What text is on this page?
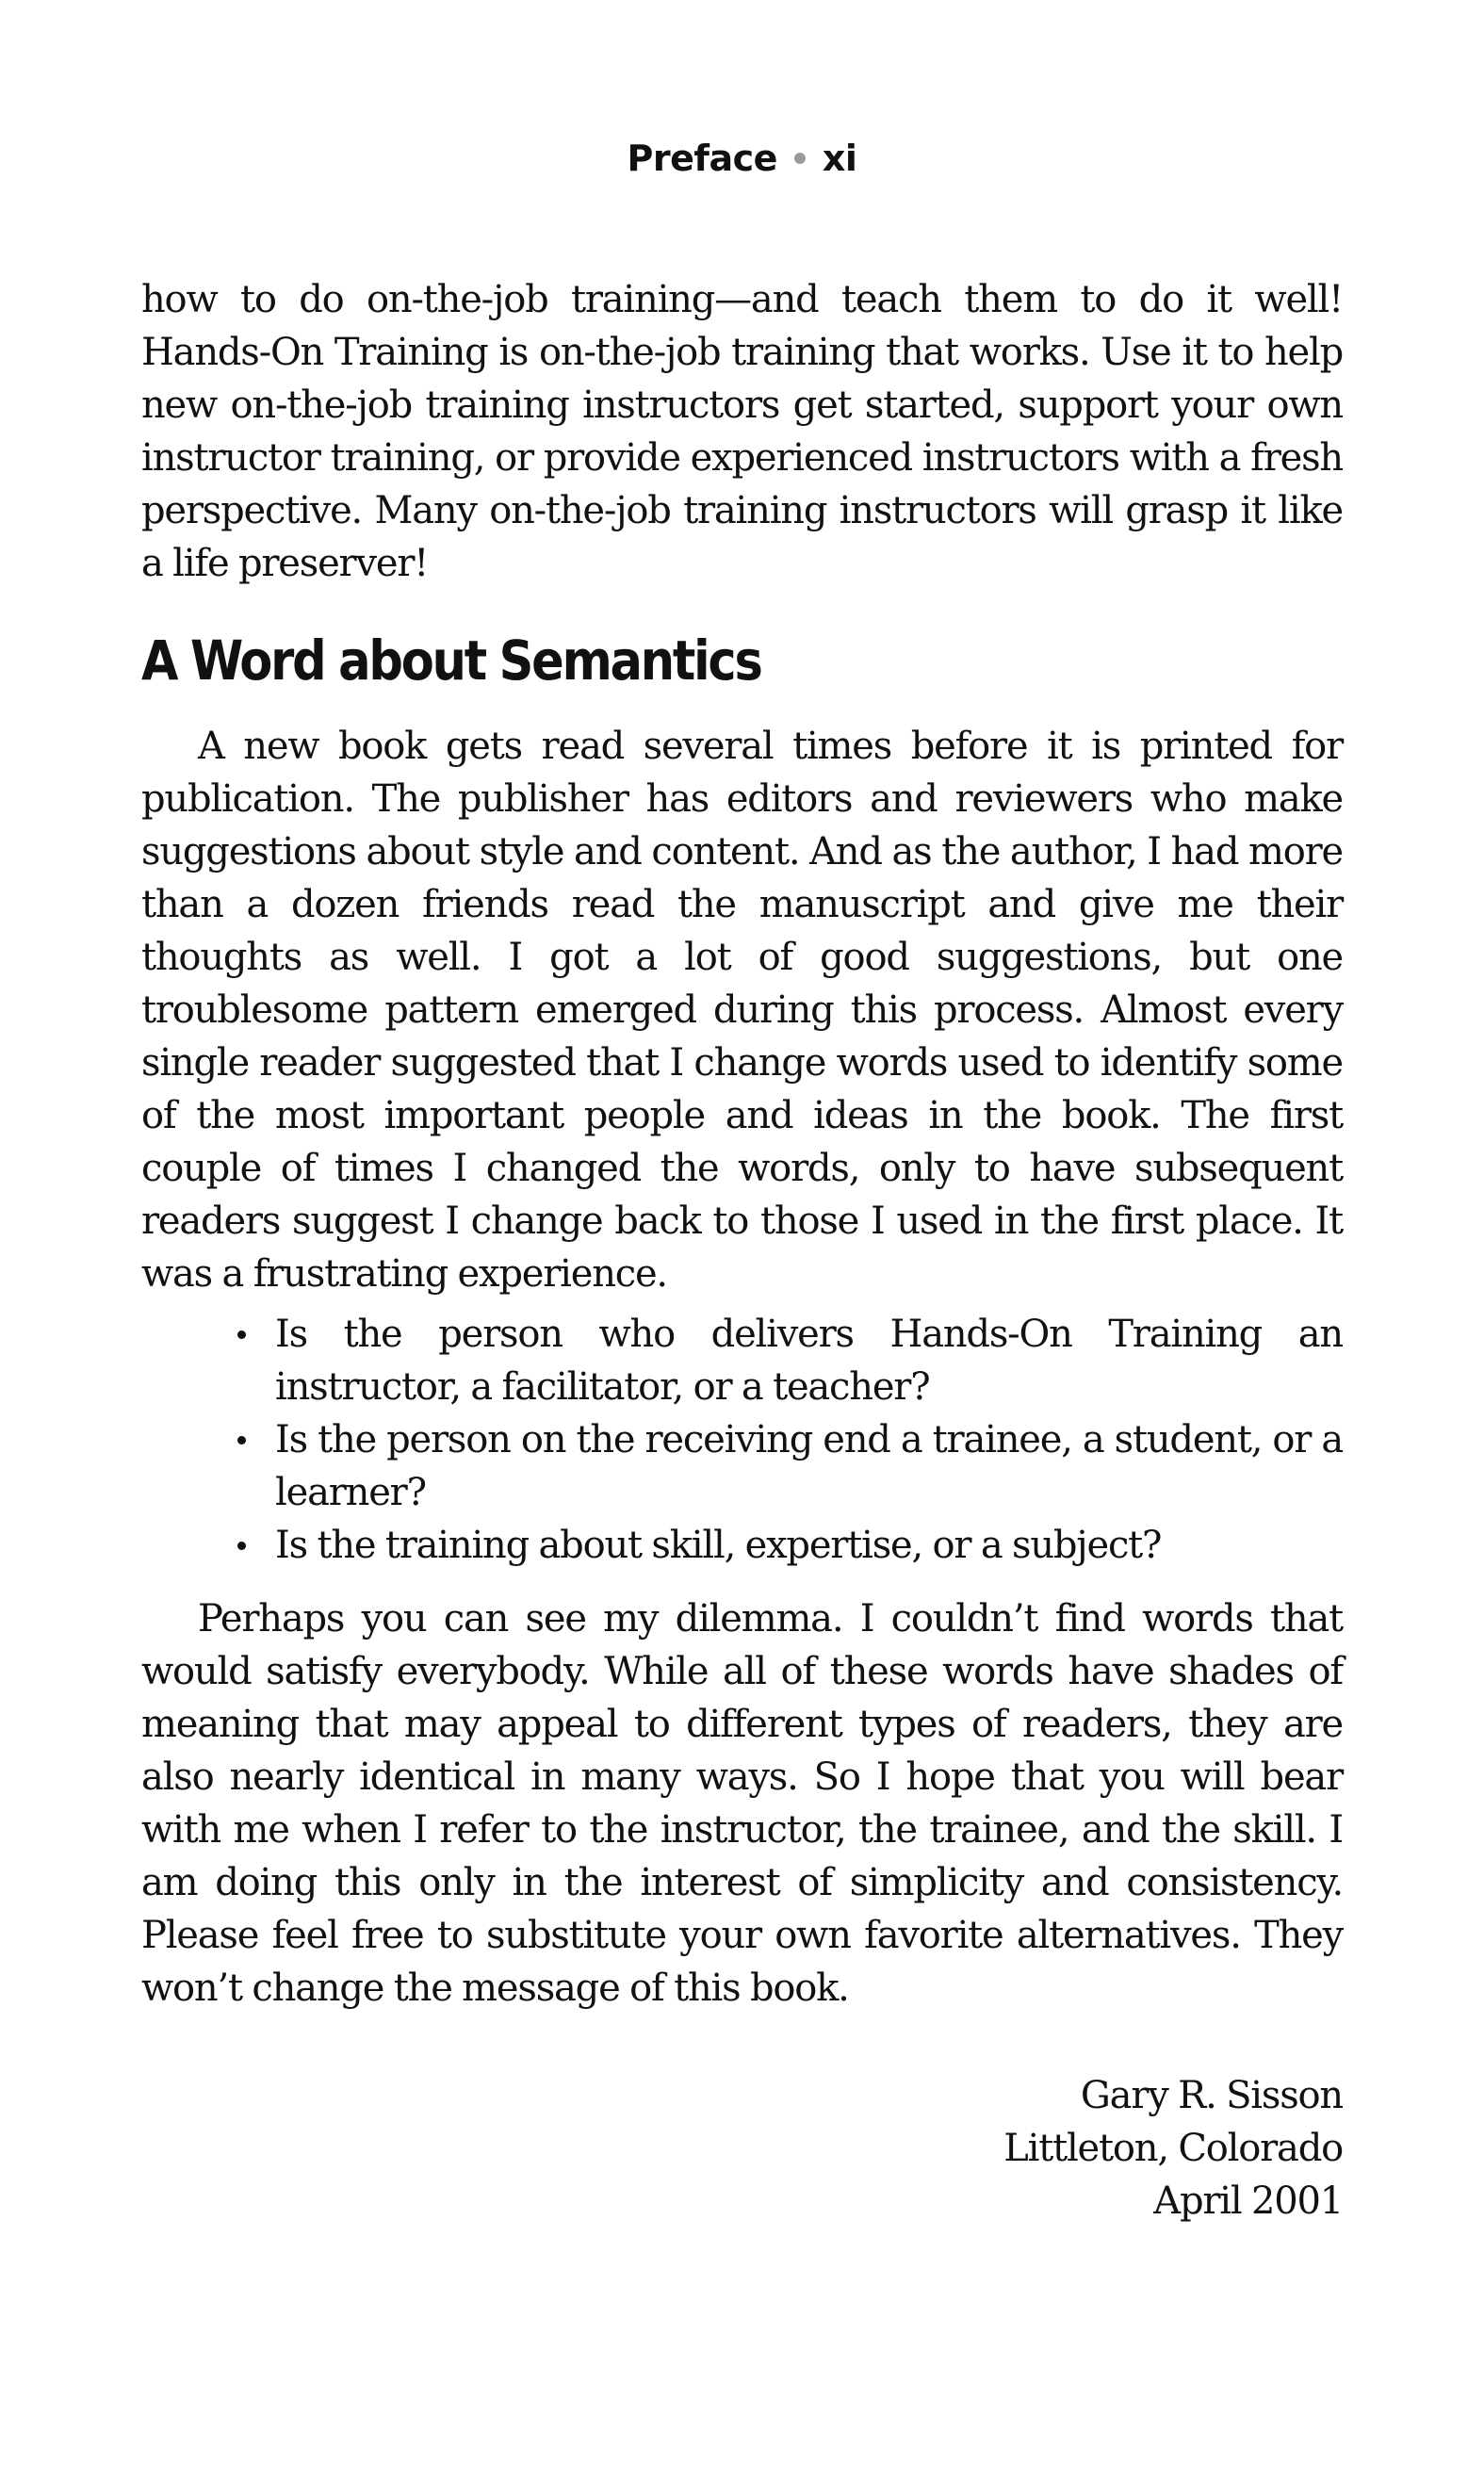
Preface xi

how to do on-the-job training—and teach them to do it well! Hands-On Training is on-the-job training that works. Use it to help new on-the-job training instructors get started, support your own instructor training, or provide experienced instructors with a fresh perspective. Many on-the-job training instructors will grasp it like a life preserver!

A Word about Semantics

A new book gets read several times before it is printed for publication. The publisher has editors and reviewers who make suggestions about style and content. And as the author, I had more than a dozen friends read the manuscript and give me their thoughts as well. I got a lot of good suggestions, but one troublesome pattern emerged during this process. Almost every single reader suggested that I change words used to identify some of the most important people and ideas in the book. The first couple of times I changed the words, only to have subsequent readers suggest I change back to those I used in the first place. It was a frustrating experience.

Is the person who delivers Hands-On Training an instructor, a facilitator, or a teacher?
Is the person on the receiving end a trainee, a student, or a learner?
Is the training about skill, expertise, or a subject?

Perhaps you can see my dilemma. I couldn’t find words that would satisfy everybody. While all of these words have shades of meaning that may appeal to different types of readers, they are also nearly identical in many ways. So I hope that you will bear with me when I refer to the instructor, the trainee, and the skill. I am doing this only in the interest of simplicity and consistency. Please feel free to substitute your own favorite alternatives. They won’t change the message of this book.

Gary R. Sisson
Littleton, Colorado
April 2001
